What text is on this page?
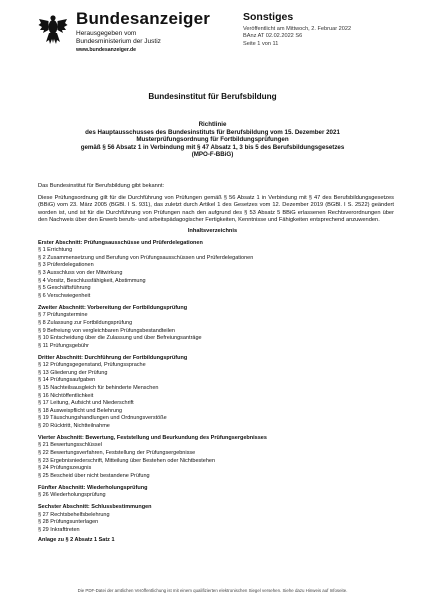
Bundesanzeiger
Herausgegeben vom
Bundesministerium der Justiz
www.bundesanzeiger.de
Sonstiges
Veröffentlicht am Mittwoch, 2. Februar 2022
BAnz AT 02.02.2022 S6
Seite 1 von 11
Bundesinstitut für Berufsbildung
Richtlinie
des Hauptausschusses des Bundesinstituts für Berufsbildung vom 15. Dezember 2021
Musterprüfungsordnung für Fortbildungsprüfungen
gemäß § 56 Absatz 1 in Verbindung mit § 47 Absatz 1, 3 bis 5 des Berufsbildungsgesetzes
(MPO-F-BBiG)
Das Bundesinstitut für Berufsbildung gibt bekannt:
Diese Prüfungsordnung gilt für die Durchführung von Prüfungen gemäß § 56 Absatz 1 in Verbindung mit § 47 des Berufsbildungsgesetzes (BBiG) vom 23. März 2005 (BGBl. I S. 931), das zuletzt durch Artikel 1 des Gesetzes vom 12. Dezember 2019 (BGBl. I S. 2522) geändert worden ist, und ist für die Durchführung von Prüfungen nach den aufgrund des § 53 Absatz 5 BBiG erlassenen Rechtsverordnungen über den Nachweis über den Erwerb berufs- und arbeitspädagogischer Fertigkeiten, Kenntnisse und Fähigkeiten entsprechend anzuwenden.
Inhaltsverzeichnis
Erster Abschnitt: Prüfungsausschüsse und Prüferdelegationen
§ 1 Errichtung
§ 2 Zusammensetzung und Berufung von Prüfungsausschüssen und Prüferdelegationen
§ 3 Prüferdelegationen
§ 3 Ausschluss von der Mitwirkung
§ 4 Vorsitz, Beschlussfähigkeit, Abstimmung
§ 5 Geschäftsführung
§ 6 Verschwiegenheit
Zweiter Abschnitt: Vorbereitung der Fortbildungsprüfung
§ 7 Prüfungstermine
§ 8 Zulassung zur Fortbildungsprüfung
§ 9 Befreiung von vergleichbaren Prüfungsbestandteilen
§ 10 Entscheidung über die Zulassung und über Befreiungsanträge
§ 11 Prüfungsgebühr
Dritter Abschnitt: Durchführung der Fortbildungsprüfung
§ 12 Prüfungsgegenstand, Prüfungssprache
§ 13 Gliederung der Prüfung
§ 14 Prüfungsaufgaben
§ 15 Nachteilsausgleich für behinderte Menschen
§ 16 Nichtöffentlichkeit
§ 17 Leitung, Aufsicht und Niederschrift
§ 18 Ausweispflicht und Belehrung
§ 19 Täuschungshandlungen und Ordnungsverstöße
§ 20 Rücktritt, Nichtteilnahme
Vierter Abschnitt: Bewertung, Feststellung und Beurkundung des Prüfungsergebnisses
§ 21 Bewertungsschlüssel
§ 22 Bewertungsverfahren, Feststellung der Prüfungsergebnisse
§ 23 Ergebnisniederschrift, Mitteilung über Bestehen oder Nichtbestehen
§ 24 Prüfungszeugnis
§ 25 Bescheid über nicht bestandene Prüfung
Fünfter Abschnitt: Wiederholungsprüfung
§ 26 Wiederholungsprüfung
Sechster Abschnitt: Schlussbestimmungen
§ 27 Rechtsbehelfsbelehrung
§ 28 Prüfungsunterlagen
§ 29 Inkrafttreten
Anlage zu § 2 Absatz 1 Satz 1
Die PDF-Datei der amtlichen Veröffentlichung ist mit einem qualifizierten elektronischen Siegel versehen. Siehe dazu Hinweis auf Infoseite.
